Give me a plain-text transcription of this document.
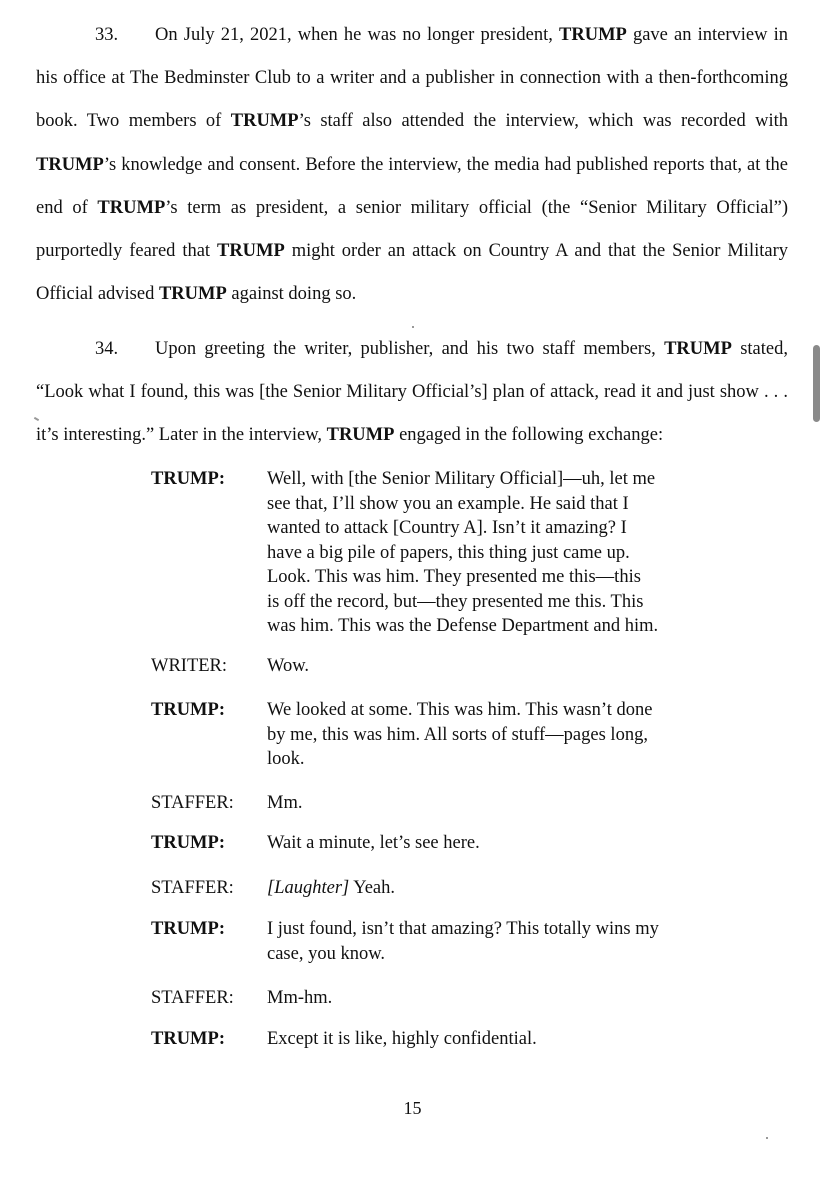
33. On July 21, 2021, when he was no longer president, TRUMP gave an interview in his office at The Bedminster Club to a writer and a publisher in connection with a then-forthcoming book. Two members of TRUMP’s staff also attended the interview, which was recorded with TRUMP’s knowledge and consent. Before the interview, the media had published reports that, at the end of TRUMP’s term as president, a senior military official (the “Senior Military Official”) purportedly feared that TRUMP might order an attack on Country A and that the Senior Military Official advised TRUMP against doing so.

34. Upon greeting the writer, publisher, and his two staff members, TRUMP stated, “Look what I found, this was [the Senior Military Official’s] plan of attack, read it and just show . . . it’s interesting.” Later in the interview, TRUMP engaged in the following exchange:

TRUMP:	Well, with [the Senior Military Official]—uh, let me
see that, I’ll show you an example. He said that I
wanted to attack [Country A]. Isn’t it amazing? I
have a big pile of papers, this thing just came up.
Look. This was him. They presented me this—this
is off the record, but—they presented me this. This
was him. This was the Defense Department and him.
WRITER:	Wow.
TRUMP:	We looked at some. This was him. This wasn’t done
by me, this was him. All sorts of stuff—pages long,
look.
STAFFER:	Mm.
TRUMP:	Wait a minute, let’s see here.
STAFFER:	[Laughter] Yeah.
TRUMP:	I just found, isn’t that amazing? This totally wins my
case, you know.
STAFFER:	Mm-hm.
TRUMP:	Except it is like, highly confidential.
15
